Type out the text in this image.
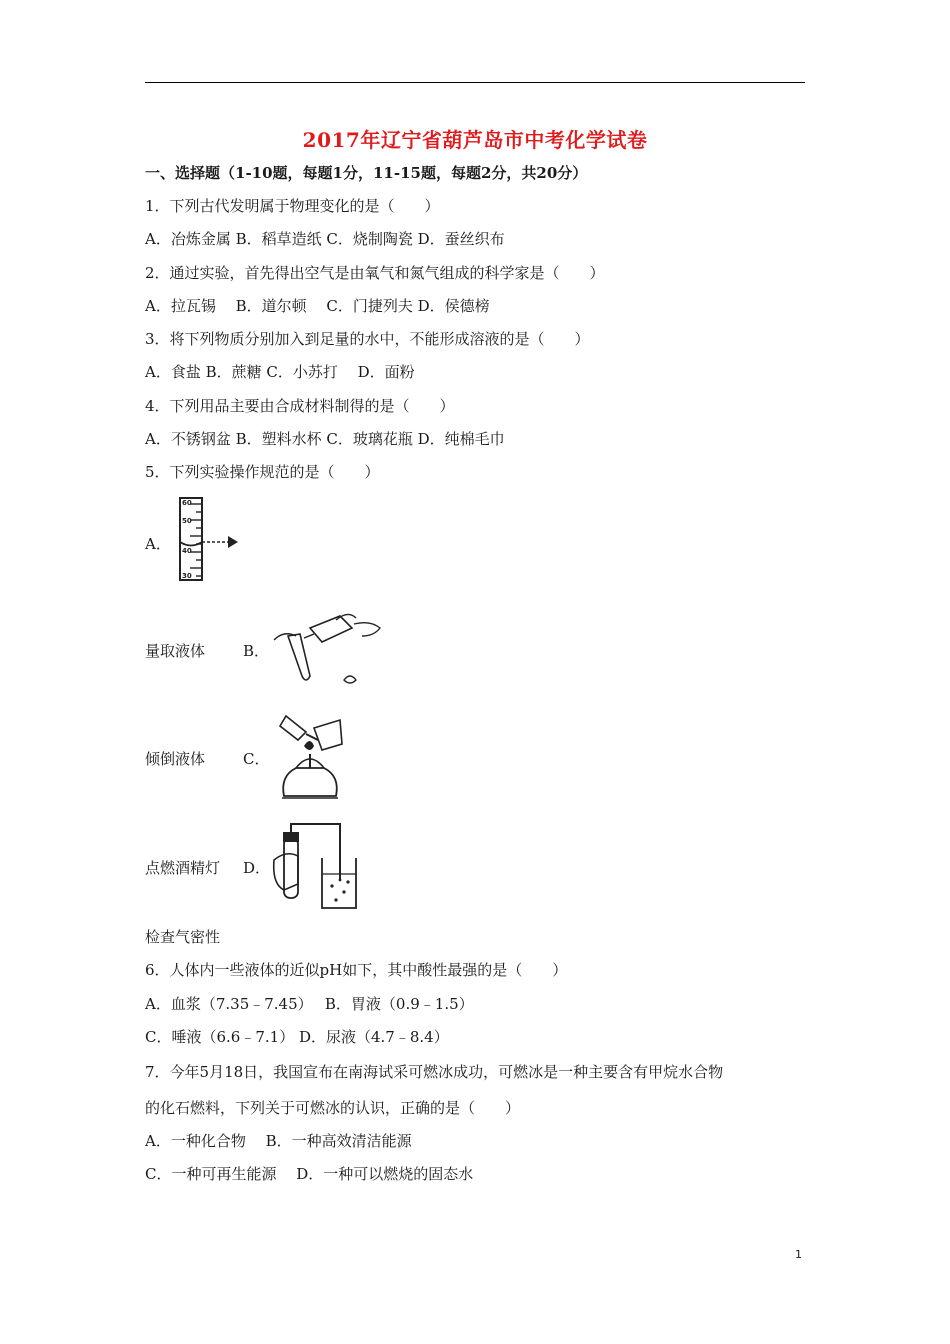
2017年辽宁省葫芦岛市中考化学试卷
一、选择题（1-10题，每题1分，11-15题，每题2分，共20分）
1．下列古代发明属于物理变化的是（　　）
A．冶炼金属 B．稻草造纸 C．烧制陶瓷 D．蚕丝织布
2．通过实验，首先得出空气是由氧气和氮气组成的科学家是（　　）
A．拉瓦锡　 B．道尔顿　 C．门捷列夫 D．侯德榜
3．将下列物质分别加入到足量的水中，不能形成溶液的是（　　）
A．食盐 B．蔗糖 C．小苏打　 D．面粉
4．下列用品主要由合成材料制得的是（　　）
A．不锈钢盆 B．塑料水杯 C．玻璃花瓶 D．纯棉毛巾
5．下列实验操作规范的是（　　）
A．
60
50
40
30
量取液体	B．
倾倒液体	C．
点燃酒精灯 D．
检查气密性
6．人体内一些液体的近似pH如下，其中酸性最强的是（　　）
A．血浆（7.35﹣7.45）　 B．胃液（0.9﹣1.5）
C．唾液（6.6﹣7.1） D．尿液（4.7﹣8.4）
7．今年5月18日，我国宣布在南海试采可燃冰成功，可燃冰是一种主要含有甲烷水合物
的化石燃料，下列关于可燃冰的认识，正确的是（　　）
A．一种化合物　 B．一种高效清洁能源
C．一种可再生能源　 D．一种可以燃烧的固态水
1
